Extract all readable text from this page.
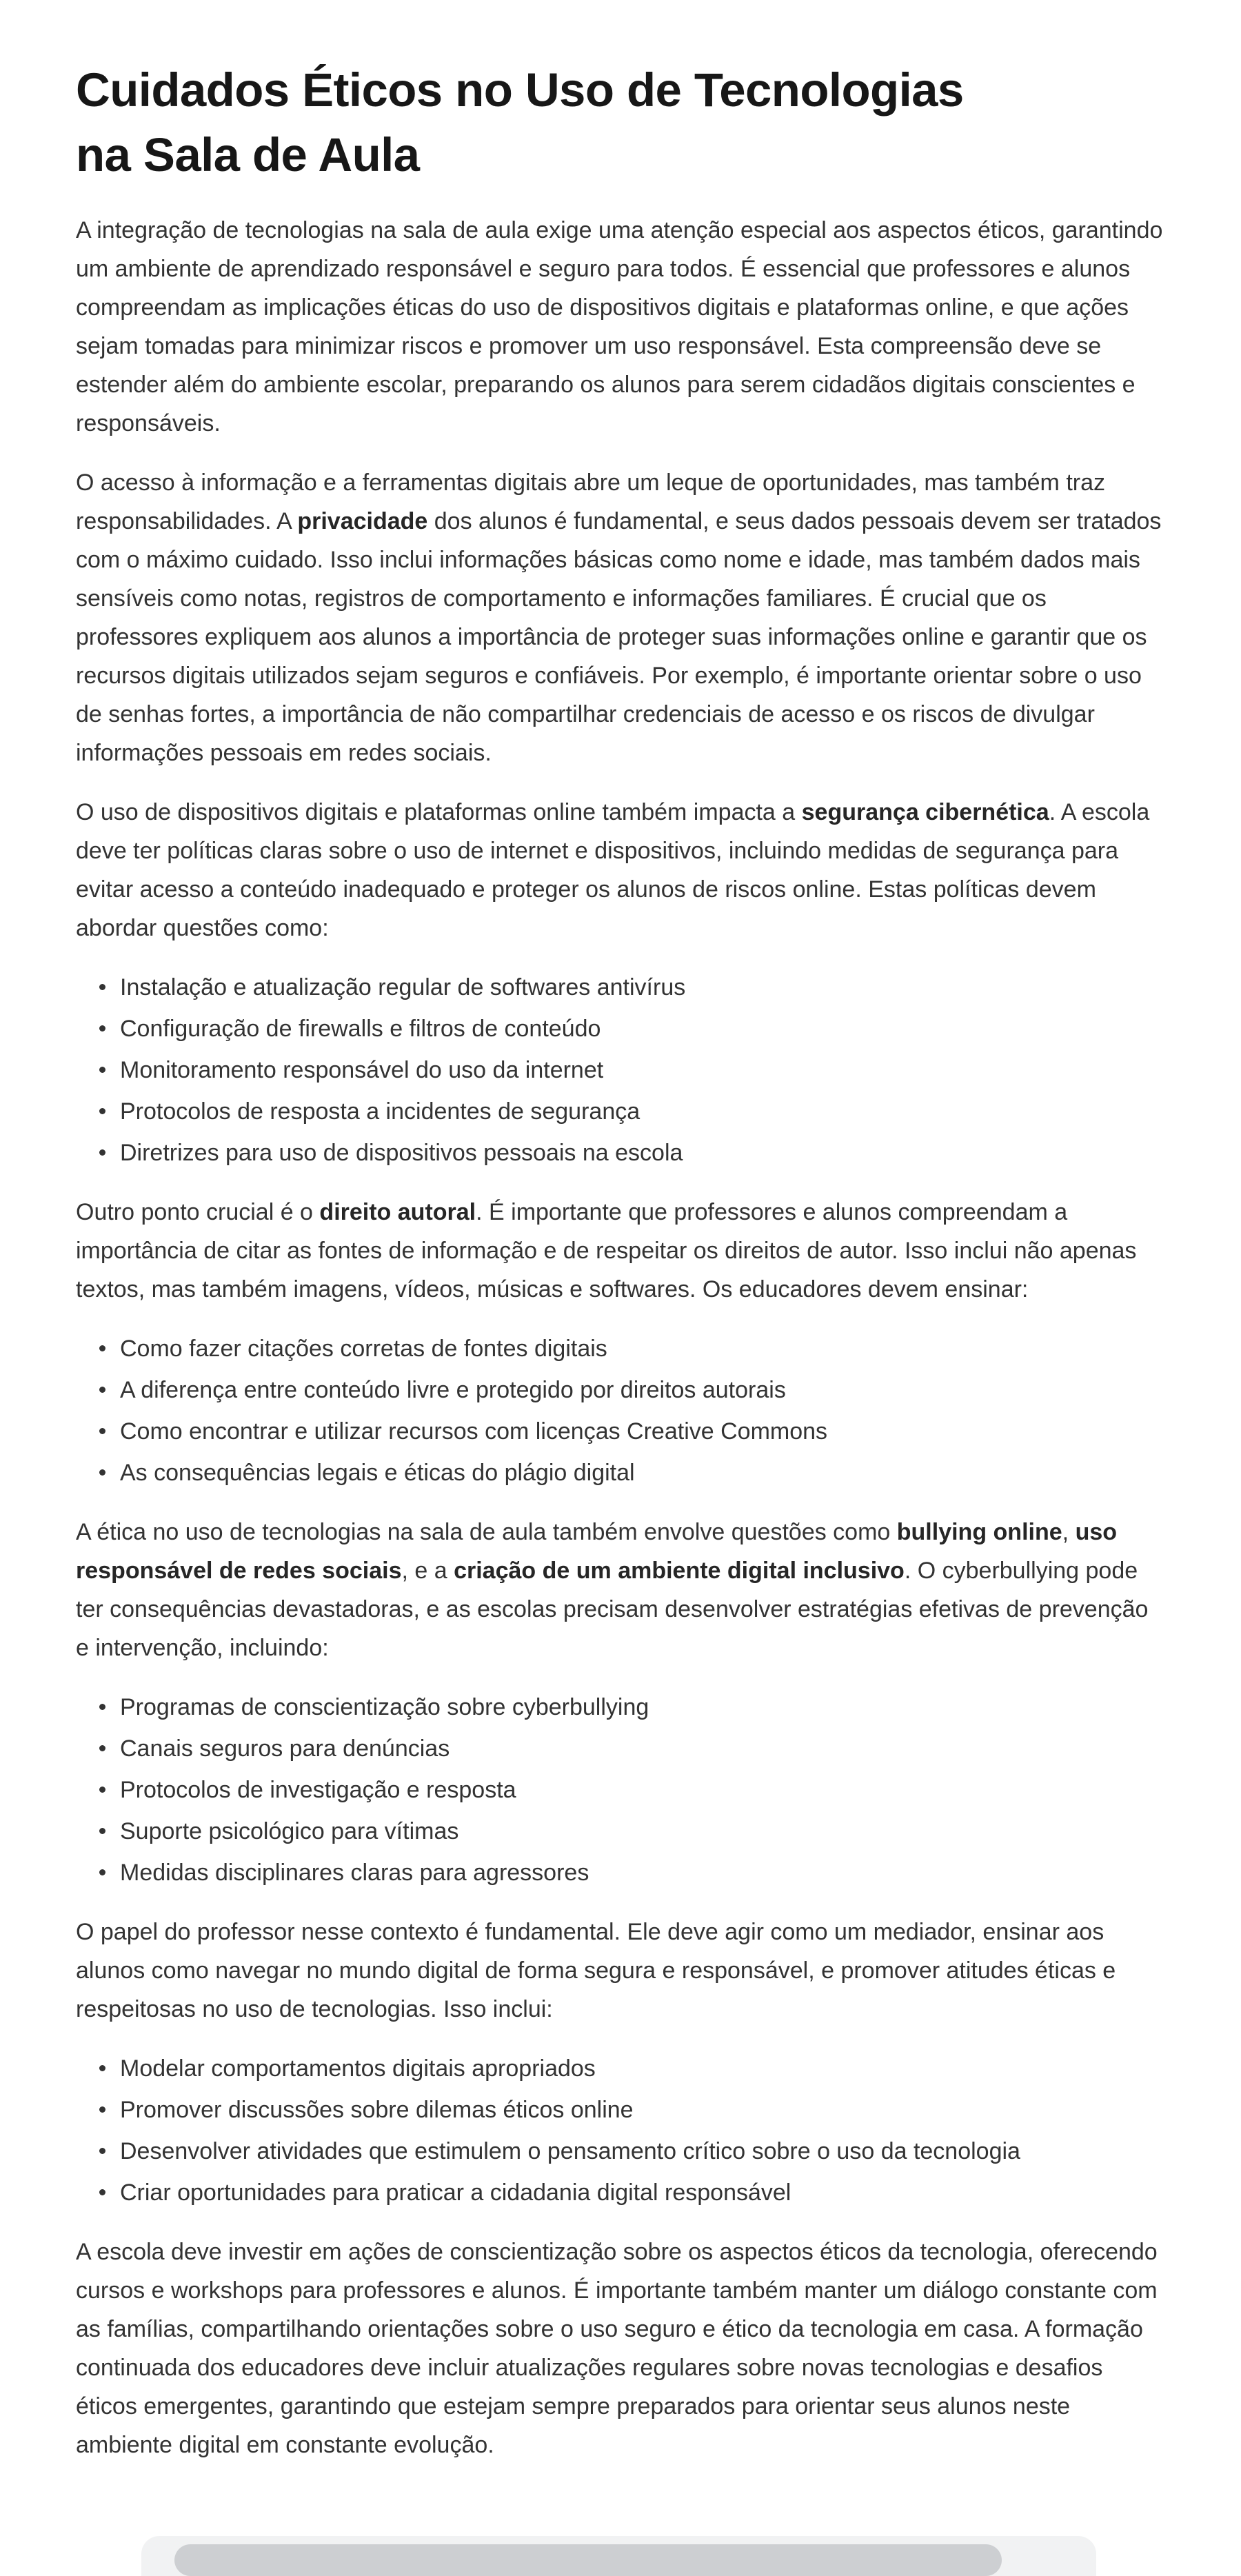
Cuidados Éticos no Uso de Tecnologias
na Sala de Aula

A integração de tecnologias na sala de aula exige uma atenção especial aos aspectos éticos, garantindo um ambiente de aprendizado responsável e seguro para todos. É essencial que professores e alunos compreendam as implicações éticas do uso de dispositivos digitais e plataformas online, e que ações sejam tomadas para minimizar riscos e promover um uso responsável. Esta compreensão deve se estender além do ambiente escolar, preparando os alunos para serem cidadãos digitais conscientes e responsáveis.

O acesso à informação e a ferramentas digitais abre um leque de oportunidades, mas também traz responsabilidades. A privacidade dos alunos é fundamental, e seus dados pessoais devem ser tratados com o máximo cuidado. Isso inclui informações básicas como nome e idade, mas também dados mais sensíveis como notas, registros de comportamento e informações familiares. É crucial que os professores expliquem aos alunos a importância de proteger suas informações online e garantir que os recursos digitais utilizados sejam seguros e confiáveis. Por exemplo, é importante orientar sobre o uso de senhas fortes, a importância de não compartilhar credenciais de acesso e os riscos de divulgar informações pessoais em redes sociais.

O uso de dispositivos digitais e plataformas online também impacta a segurança cibernética. A escola deve ter políticas claras sobre o uso de internet e dispositivos, incluindo medidas de segurança para evitar acesso a conteúdo inadequado e proteger os alunos de riscos online. Estas políticas devem abordar questões como:

Instalação e atualização regular de softwares antivírus
Configuração de firewalls e filtros de conteúdo
Monitoramento responsável do uso da internet
Protocolos de resposta a incidentes de segurança
Diretrizes para uso de dispositivos pessoais na escola

Outro ponto crucial é o direito autoral. É importante que professores e alunos compreendam a importância de citar as fontes de informação e de respeitar os direitos de autor. Isso inclui não apenas textos, mas também imagens, vídeos, músicas e softwares. Os educadores devem ensinar:

Como fazer citações corretas de fontes digitais
A diferença entre conteúdo livre e protegido por direitos autorais
Como encontrar e utilizar recursos com licenças Creative Commons
As consequências legais e éticas do plágio digital

A ética no uso de tecnologias na sala de aula também envolve questões como bullying online, uso responsável de redes sociais, e a criação de um ambiente digital inclusivo. O cyberbullying pode ter consequências devastadoras, e as escolas precisam desenvolver estratégias efetivas de prevenção e intervenção, incluindo:

Programas de conscientização sobre cyberbullying
Canais seguros para denúncias
Protocolos de investigação e resposta
Suporte psicológico para vítimas
Medidas disciplinares claras para agressores

O papel do professor nesse contexto é fundamental. Ele deve agir como um mediador, ensinar aos alunos como navegar no mundo digital de forma segura e responsável, e promover atitudes éticas e respeitosas no uso de tecnologias. Isso inclui:

Modelar comportamentos digitais apropriados
Promover discussões sobre dilemas éticos online
Desenvolver atividades que estimulem o pensamento crítico sobre o uso da tecnologia
Criar oportunidades para praticar a cidadania digital responsável

A escola deve investir em ações de conscientização sobre os aspectos éticos da tecnologia, oferecendo cursos e workshops para professores e alunos. É importante também manter um diálogo constante com as famílias, compartilhando orientações sobre o uso seguro e ético da tecnologia em casa. A formação continuada dos educadores deve incluir atualizações regulares sobre novas tecnologias e desafios éticos emergentes, garantindo que estejam sempre preparados para orientar seus alunos neste ambiente digital em constante evolução.
